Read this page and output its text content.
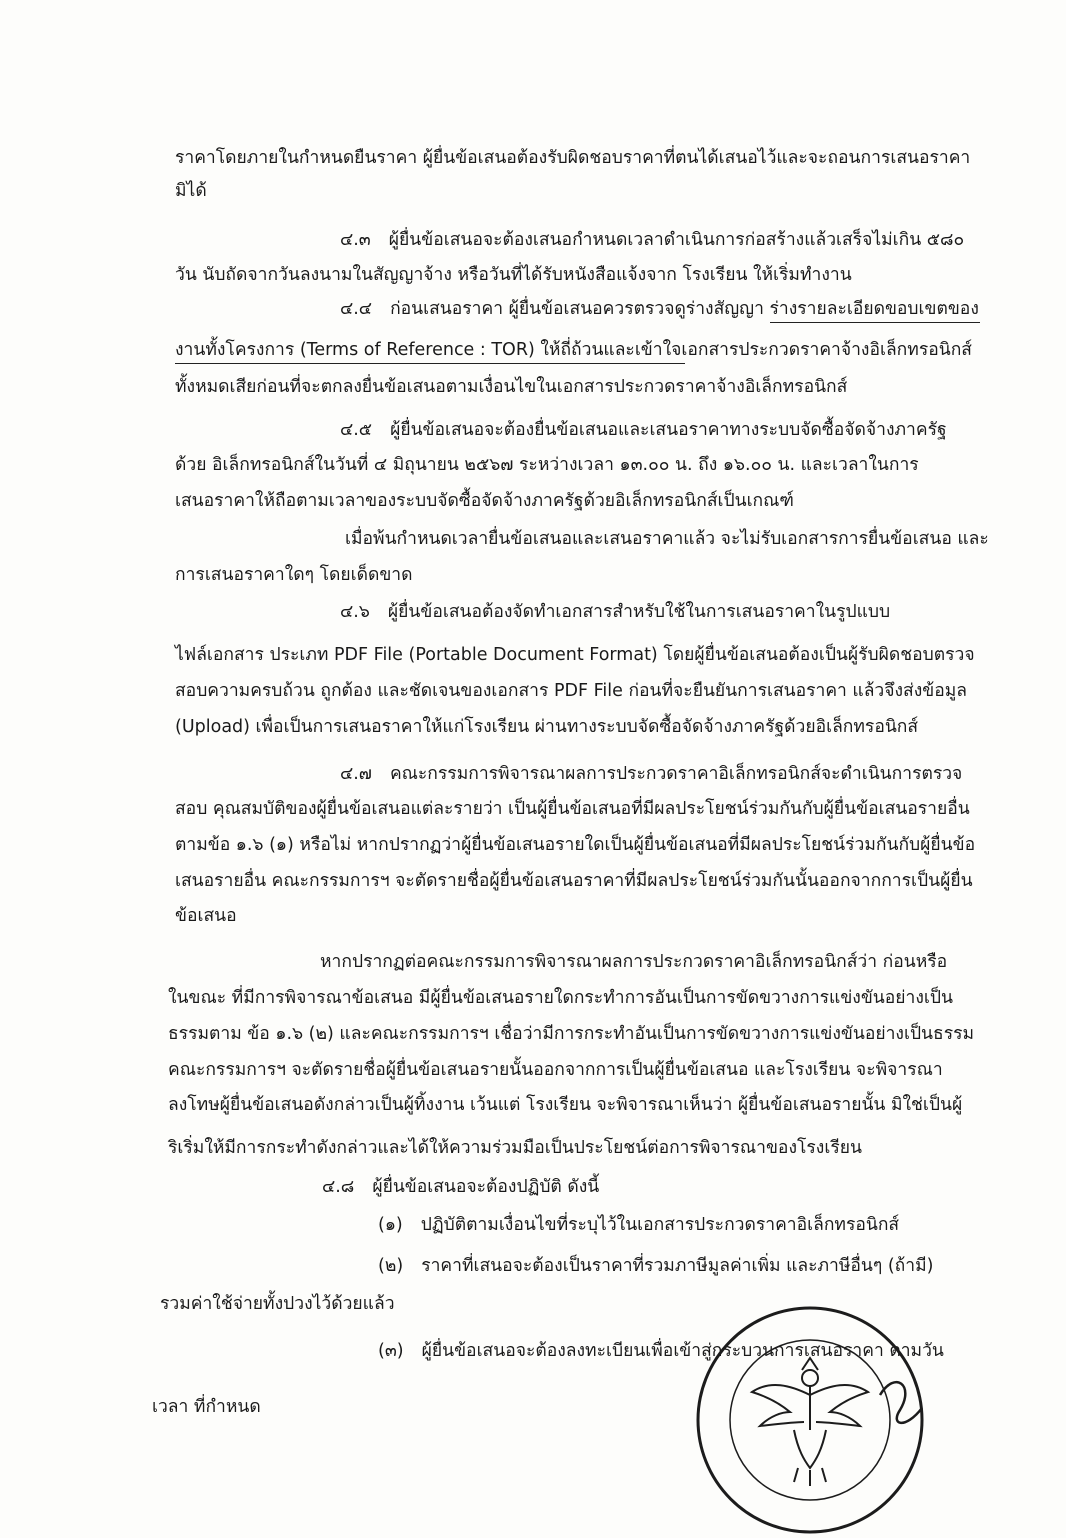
ราคาโดยภายในกำหนดยืนราคา ผู้ยื่นข้อเสนอต้องรับผิดชอบราคาที่ตนได้เสนอไว้และจะถอนการเสนอราคา
มิได้
๔.๓ ผู้ยื่นข้อเสนอจะต้องเสนอกำหนดเวลาดำเนินการก่อสร้างแล้วเสร็จไม่เกิน ๕๘๐
วัน นับถัดจากวันลงนามในสัญญาจ้าง หรือวันที่ได้รับหนังสือแจ้งจาก โรงเรียน ให้เริ่มทำงาน
๔.๔ ก่อนเสนอราคา ผู้ยื่นข้อเสนอควรตรวจดูร่างสัญญา ร่างรายละเอียดขอบเขตของ
งานทั้งโครงการ (Terms of Reference : TOR) ให้ถี่ถ้วนและเข้าใจเอกสารประกวดราคาจ้างอิเล็กทรอนิกส์
ทั้งหมดเสียก่อนที่จะตกลงยื่นข้อเสนอตามเงื่อนไขในเอกสารประกวดราคาจ้างอิเล็กทรอนิกส์
๔.๕ ผู้ยื่นข้อเสนอจะต้องยื่นข้อเสนอและเสนอราคาทางระบบจัดซื้อจัดจ้างภาครัฐ
ด้วย อิเล็กทรอนิกส์ในวันที่ ๔ มิถุนายน ๒๕๖๗ ระหว่างเวลา ๑๓.๐๐ น. ถึง ๑๖.๐๐ น. และเวลาในการ
เสนอราคาให้ถือตามเวลาของระบบจัดซื้อจัดจ้างภาครัฐด้วยอิเล็กทรอนิกส์เป็นเกณฑ์
เมื่อพ้นกำหนดเวลายื่นข้อเสนอและเสนอราคาแล้ว จะไม่รับเอกสารการยื่นข้อเสนอ และ
การเสนอราคาใดๆ โดยเด็ดขาด
๔.๖ ผู้ยื่นข้อเสนอต้องจัดทำเอกสารสำหรับใช้ในการเสนอราคาในรูปแบบ
ไฟล์เอกสาร ประเภท PDF File (Portable Document Format) โดยผู้ยื่นข้อเสนอต้องเป็นผู้รับผิดชอบตรวจ
สอบความครบถ้วน ถูกต้อง และชัดเจนของเอกสาร PDF File ก่อนที่จะยืนยันการเสนอราคา แล้วจึงส่งข้อมูล
(Upload) เพื่อเป็นการเสนอราคาให้แก่โรงเรียน ผ่านทางระบบจัดซื้อจัดจ้างภาครัฐด้วยอิเล็กทรอนิกส์
๔.๗ คณะกรรมการพิจารณาผลการประกวดราคาอิเล็กทรอนิกส์จะดำเนินการตรวจ
สอบ คุณสมบัติของผู้ยื่นข้อเสนอแต่ละรายว่า เป็นผู้ยื่นข้อเสนอที่มีผลประโยชน์ร่วมกันกับผู้ยื่นข้อเสนอรายอื่น
ตามข้อ ๑.๖ (๑) หรือไม่ หากปรากฏว่าผู้ยื่นข้อเสนอรายใดเป็นผู้ยื่นข้อเสนอที่มีผลประโยชน์ร่วมกันกับผู้ยื่นข้อ
เสนอรายอื่น คณะกรรมการฯ จะตัดรายชื่อผู้ยื่นข้อเสนอราคาที่มีผลประโยชน์ร่วมกันนั้นออกจากการเป็นผู้ยื่น
ข้อเสนอ
หากปรากฏต่อคณะกรรมการพิจารณาผลการประกวดราคาอิเล็กทรอนิกส์ว่า ก่อนหรือ
ในขณะ ที่มีการพิจารณาข้อเสนอ มีผู้ยื่นข้อเสนอรายใดกระทำการอันเป็นการขัดขวางการแข่งขันอย่างเป็น
ธรรมตาม ข้อ ๑.๖ (๒) และคณะกรรมการฯ เชื่อว่ามีการกระทำอันเป็นการขัดขวางการแข่งขันอย่างเป็นธรรม
คณะกรรมการฯ จะตัดรายชื่อผู้ยื่นข้อเสนอรายนั้นออกจากการเป็นผู้ยื่นข้อเสนอ และโรงเรียน จะพิจารณา
ลงโทษผู้ยื่นข้อเสนอดังกล่าวเป็นผู้ทิ้งงาน เว้นแต่ โรงเรียน จะพิจารณาเห็นว่า ผู้ยื่นข้อเสนอรายนั้น มิใช่เป็นผู้
ริเริ่มให้มีการกระทำดังกล่าวและได้ให้ความร่วมมือเป็นประโยชน์ต่อการพิจารณาของโรงเรียน
๔.๘ ผู้ยื่นข้อเสนอจะต้องปฏิบัติ ดังนี้
(๑) ปฏิบัติตามเงื่อนไขที่ระบุไว้ในเอกสารประกวดราคาอิเล็กทรอนิกส์
(๒) ราคาที่เสนอจะต้องเป็นราคาที่รวมภาษีมูลค่าเพิ่ม และภาษีอื่นๆ (ถ้ามี)
รวมค่าใช้จ่ายทั้งปวงไว้ด้วยแล้ว
(๓) ผู้ยื่นข้อเสนอจะต้องลงทะเบียนเพื่อเข้าสู่กระบวนการเสนอราคา ตามวัน
เวลา ที่กำหนด
